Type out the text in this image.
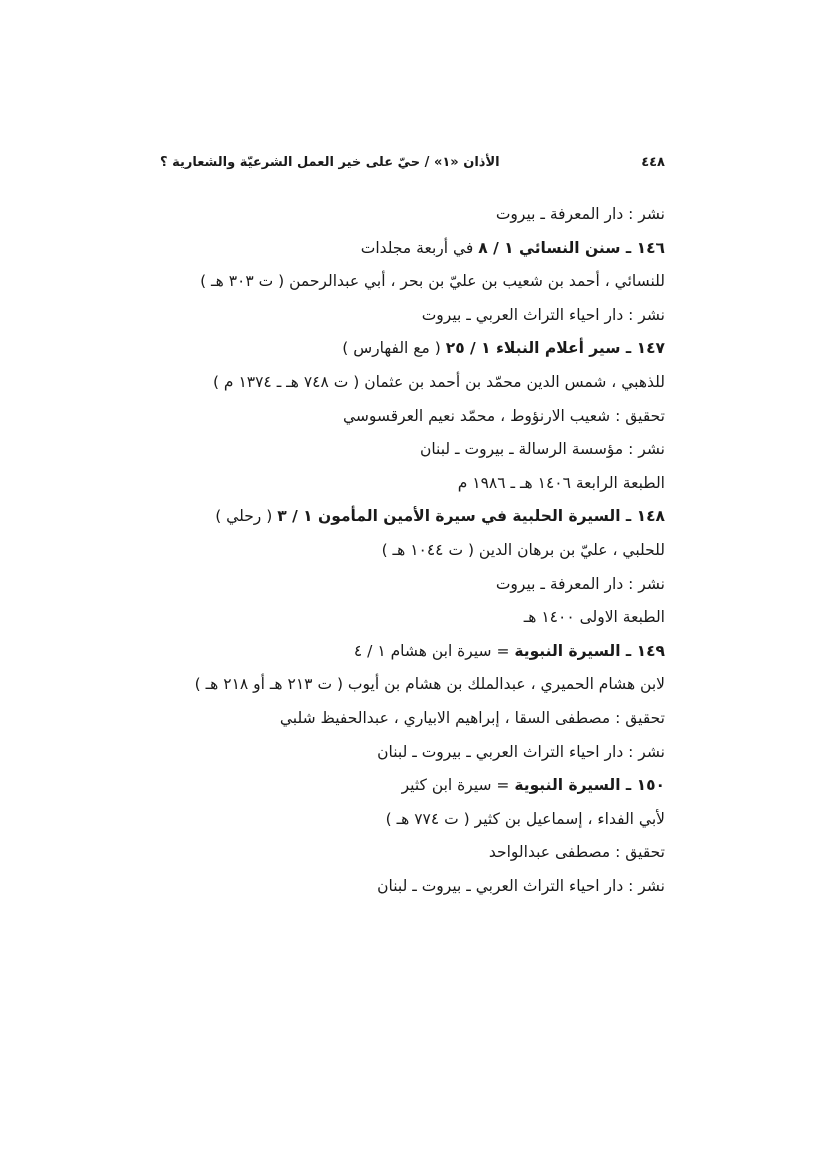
٤٤٨
الأذان «١» / حيّ على خير العمل الشرعيّة والشعارية ؟
نشر : دار المعرفة ـ بيروت
١٤٦ ـ سنن النسائي ١ / ٨ في أربعة مجلدات
للنسائي ، أحمد بن شعيب بن عليّ بن بحر ، أبي عبدالرحمن ( ت ٣٠٣ هـ )
نشر : دار احياء التراث العربي ـ بيروت
١٤٧ ـ سير أعلام النبلاء ١ / ٢٥ ( مع الفهارس )
للذهبي ، شمس الدين محمّد بن أحمد بن عثمان ( ت ٧٤٨ هـ ـ ١٣٧٤ م )
تحقيق : شعيب الارنؤوط ، محمّد نعيم العرقسوسي
نشر : مؤسسة الرسالة ـ بيروت ـ لبنان
الطبعة الرابعة ١٤٠٦ هـ ـ ١٩٨٦ م
١٤٨ ـ السيرة الحلبية في سيرة الأمين المأمون ١ / ٣ ( رحلي )
للحلبي ، عليّ بن برهان الدين ( ت ١٠٤٤ هـ )
نشر : دار المعرفة ـ بيروت
الطبعة الاولى ١٤٠٠ هـ
١٤٩ ـ السيرة النبوية = سيرة ابن هشام ١ / ٤
لابن هشام الحميري ، عبدالملك بن هشام بن أيوب ( ت ٢١٣ هـ أو ٢١٨ هـ )
تحقيق : مصطفى السقا ، إبراهيم الابياري ، عبدالحفيظ شلبي
نشر : دار احياء التراث العربي ـ بيروت ـ لبنان
١٥٠ ـ السيرة النبوية = سيرة ابن كثير
لأبي الفداء ، إسماعيل بن كثير ( ت ٧٧٤ هـ )
تحقيق : مصطفى عبدالواحد
نشر : دار احياء التراث العربي ـ بيروت ـ لبنان
